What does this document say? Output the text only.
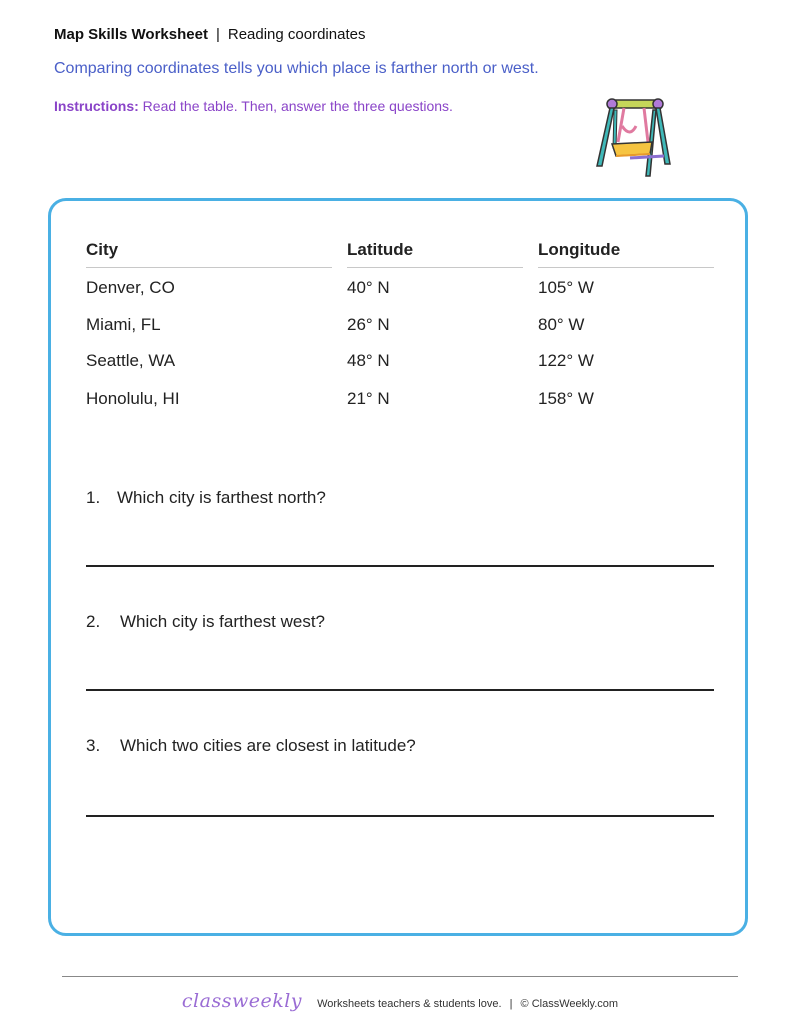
Map Skills Worksheet | Reading coordinates
Comparing coordinates tells you which place is farther north or west.
Instructions: Read the table. Then, answer the three questions.
City	Latitude	Longitude
Denver, CO	40° N	105° W
Miami, FL	26° N	80° W
Seattle, WA	48° N	122° W
Honolulu, HI	21° N	158° W
1. Which city is farthest north?
2. Which city is farthest west?
3. Which two cities are closest in latitude?
classweekly Worksheets teachers & students love. | © ClassWeekly.com
